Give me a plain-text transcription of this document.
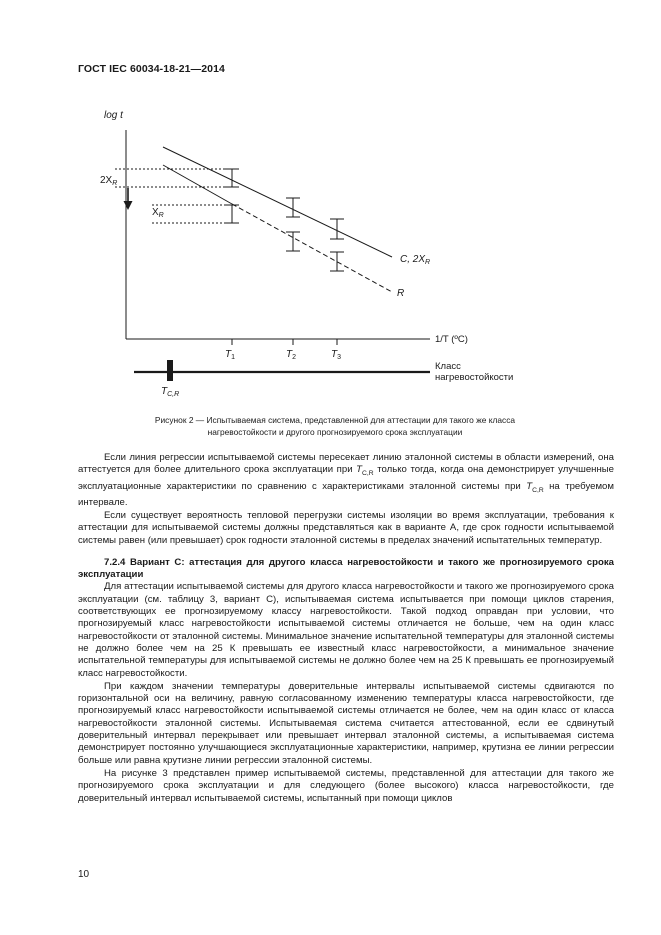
ГОСТ IEC 60034-18-21—2014
log t
1/T (ºC)
$2X_R$
$X_R$
C, $2X_R$
R
$T_1$	$T_2$	$T_3$
Класс нагревостойкости
$T_{C,R}$
Рисунок 2 — Испытываемая система, представленной для аттестации для такого же класса
нагревостойкости и другого прогнозируемого срока эксплуатации

Если линия регрессии испытываемой системы пересекает линию эталонной системы в области измерений, она аттестуется для более длительного срока эксплуатации при $T_{C,R}$ только тогда, когда она демонстрирует улучшенные эксплуатационные характеристики по сравнению с характеристиками эталонной системы при $T_{C,R}$ на требуемом интервале.

Если существует вероятность тепловой перегрузки системы изоляции во время эксплуатации, требования к аттестации для испытываемой системы должны представляться как в варианте А, где срок годности испытываемой системы равен (или превышает) срок годности эталонной системы в пределах значений испытательных температур.

7.2.4 Вариант С: аттестация для другого класса нагревостойкости и такого же прогнозируемого срока эксплуатации

Для аттестации испытываемой системы для другого класса нагревостойкости и такого же прогнозируемого срока эксплуатации (см. таблицу 3, вариант С), испытываемая система испытывается при помощи циклов старения, соответствующих ее прогнозируемому классу нагревостойкости. Такой подход оправдан при условии, что прогнозируемый класс нагревостойкости испытываемой системы отличается не больше, чем на один класс нагревостойкости от эталонной системы. Минимальное значение испытательной температуры для эталонной системы не должно более чем на 25 К превышать ее известный класс нагревостойкости, а минимальное значение испытательной температуры для испытываемой системы не должно более чем на 25 К превышать ее прогнозируемый класс нагревостойкости.

При каждом значении температуры доверительные интервалы испытываемой системы сдвигаются по горизонтальной оси на величину, равную согласованному изменению температуры класса нагревостойкости, где прогнозируемый класс нагревостойкости испытываемой системы отличается не более, чем на один класс от класса нагревостойкости эталонной системы. Испытываемая система считается аттестованной, если ее сдвинутый доверительный интервал перекрывает или превышает интервал эталонной системы, а испытываемая система демонстрирует постоянно улучшающиеся эксплуатационные характеристики, например, крутизна ее линии регрессии больше или равна крутизне линии регрессии эталонной системы.

На рисунке 3 представлен пример испытываемой системы, представленной для аттестации для такого же прогнозируемого срока эксплуатации и для следующего (более высокого) класса нагревостойкости, где доверительный интервал испытываемой системы, испытанный при помощи циклов

10
